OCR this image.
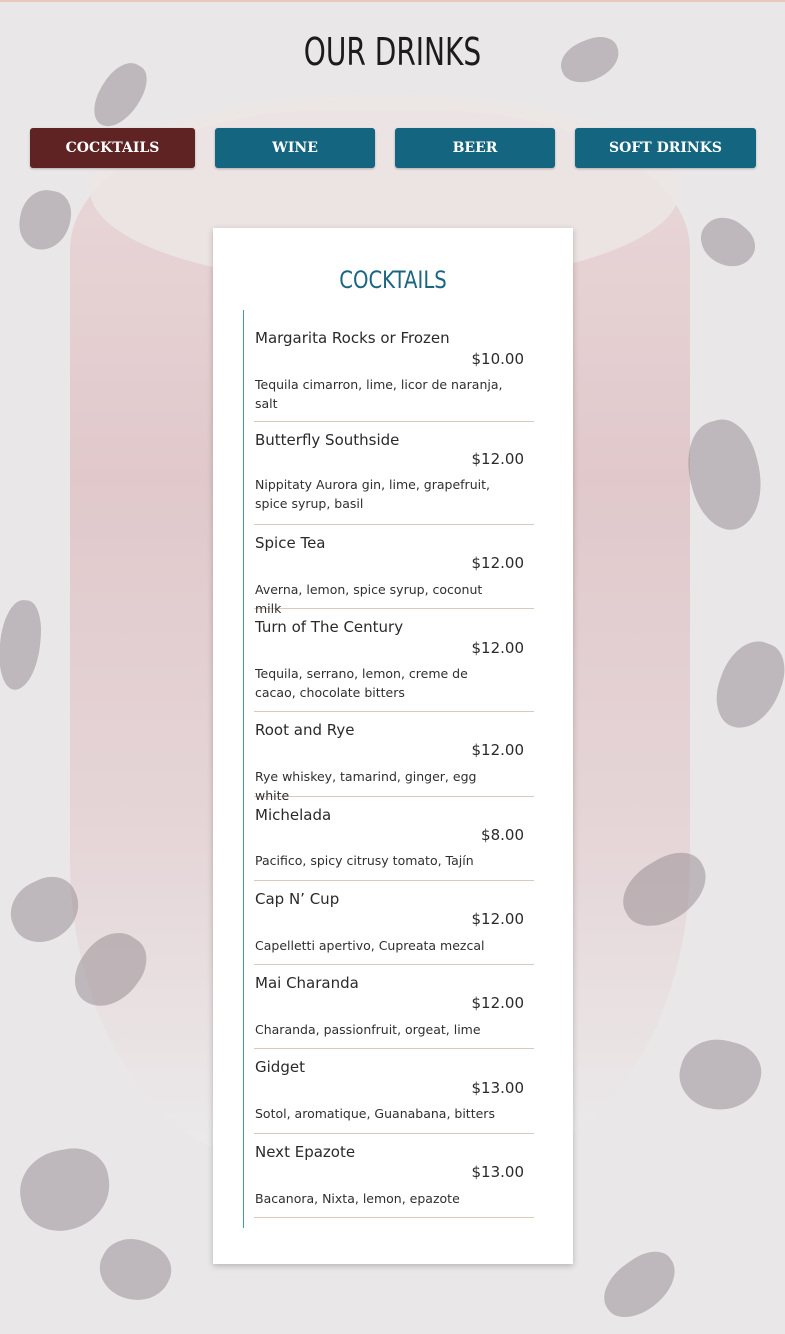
OUR DRINKS
COCKTAILS	WINE	BEER	SOFT DRINKS
COCKTAILS
Margarita Rocks or Frozen
$10.00
Tequila cimarron, lime, licor de naranja, salt
Butterfly Southside
$12.00
Nippitaty Aurora gin, lime, grapefruit, spice syrup, basil
Spice Tea
$12.00
Averna, lemon, spice syrup, coconut milk
Turn of The Century
$12.00
Tequila, serrano, lemon, creme de cacao, chocolate bitters
Root and Rye
$12.00
Rye whiskey, tamarind, ginger, egg white
Michelada
$8.00
Pacifico, spicy citrusy tomato, Tajín
Cap N’ Cup
$12.00
Capelletti apertivo, Cupreata mezcal
Mai Charanda
$12.00
Charanda, passionfruit, orgeat, lime
Gidget
$13.00
Sotol, aromatique, Guanabana, bitters
Next Epazote
$13.00
Bacanora, Nixta, lemon, epazote
